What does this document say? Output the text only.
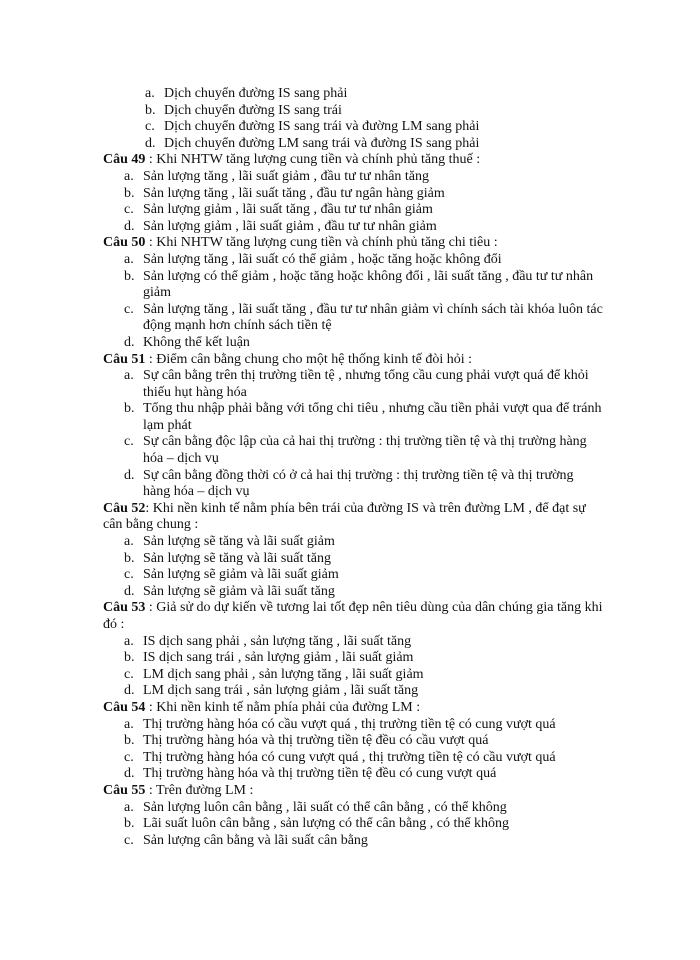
a. Dịch chuyển đường IS sang phải
b. Dịch chuyển đường IS sang trái
c. Dịch chuyển đường IS sang trái và đường LM sang phải
d. Dịch chuyển đường LM sang trái và đường IS sang phải

Câu 49 : Khi NHTW tăng lượng cung tiền và chính phủ tăng thuế :

a. Sản lượng tăng , lãi suất giảm , đầu tư tư nhân tăng
b. Sản lượng tăng , lãi suất tăng , đầu tư ngân hàng giảm
c. Sản lượng giảm , lãi suất tăng , đầu tư tư nhân giảm
d. Sản lượng giảm , lãi suất giảm , đầu tư tư nhân giảm

Câu 50 : Khi NHTW tăng lượng cung tiền và chính phủ tăng chi tiêu :

a. Sản lượng tăng , lãi suất có thể giảm , hoặc tăng hoặc không đổi
b. Sản lượng có thể giảm , hoặc tăng hoặc không đổi , lãi suất tăng , đầu tư tư nhân giảm
c. Sản lượng tăng , lãi suất tăng , đầu tư tư nhân giảm vì chính sách tài khóa luôn tác động mạnh hơn chính sách tiền tệ
d. Không thể kết luận

Câu 51 : Điểm cân bằng chung cho một hệ thống kinh tế đòi hỏi :

a. Sự cân bằng trên thị trường tiền tệ , nhưng tổng cầu cung phải vượt quá để khỏi thiếu hụt hàng hóa
b. Tổng thu nhập phải bằng với tổng chi tiêu , nhưng cầu tiền phải vượt qua để tránh lạm phát
c. Sự cân bằng độc lập của cả hai thị trường : thị trường tiền tệ và thị trường hàng hóa – dịch vụ
d. Sự cân bằng đồng thời có ở cả hai thị trường : thị trường tiền tệ và thị trường hàng hóa – dịch vụ

Câu 52: Khi nền kinh tế nằm phía bên trái của đường IS và trên đường LM , để đạt sự cân bằng chung :

a. Sản lượng sẽ tăng và lãi suất giảm
b. Sản lượng sẽ tăng và lãi suất tăng
c. Sản lượng sẽ giảm và lãi suất giảm
d. Sản lượng sẽ giảm và lãi suất tăng

Câu 53 : Giả sử do dự kiến về tương lai tốt đẹp nên tiêu dùng của dân chúng gia tăng khi đó :

a. IS dịch sang phải , sản lượng tăng , lãi suất tăng
b. IS dịch sang trái , sản lượng giảm , lãi suất giảm
c. LM dịch sang phải , sản lượng tăng , lãi suất giảm
d. LM dịch sang trái , sản lượng giảm , lãi suất tăng

Câu 54 : Khi nền kinh tế nằm phía phải của đường LM :

a. Thị trường hàng hóa có cầu vượt quá , thị trường tiền tệ có cung vượt quá
b. Thị trường hàng hóa và thị trường tiền tệ đều có cầu vượt quá
c. Thị trường hàng hóa có cung vượt quá , thị trường tiền tệ có cầu vượt quá
d. Thị trường hàng hóa và thị trường tiền tệ đều có cung vượt quá

Câu 55 : Trên đường LM :

a. Sản lượng luôn cân bằng , lãi suất có thể cân bằng , có thể không
b. Lãi suất luôn cân bằng , sản lượng có thể cân bằng , có thể không
c. Sản lượng cân bằng và lãi suất cân bằng
